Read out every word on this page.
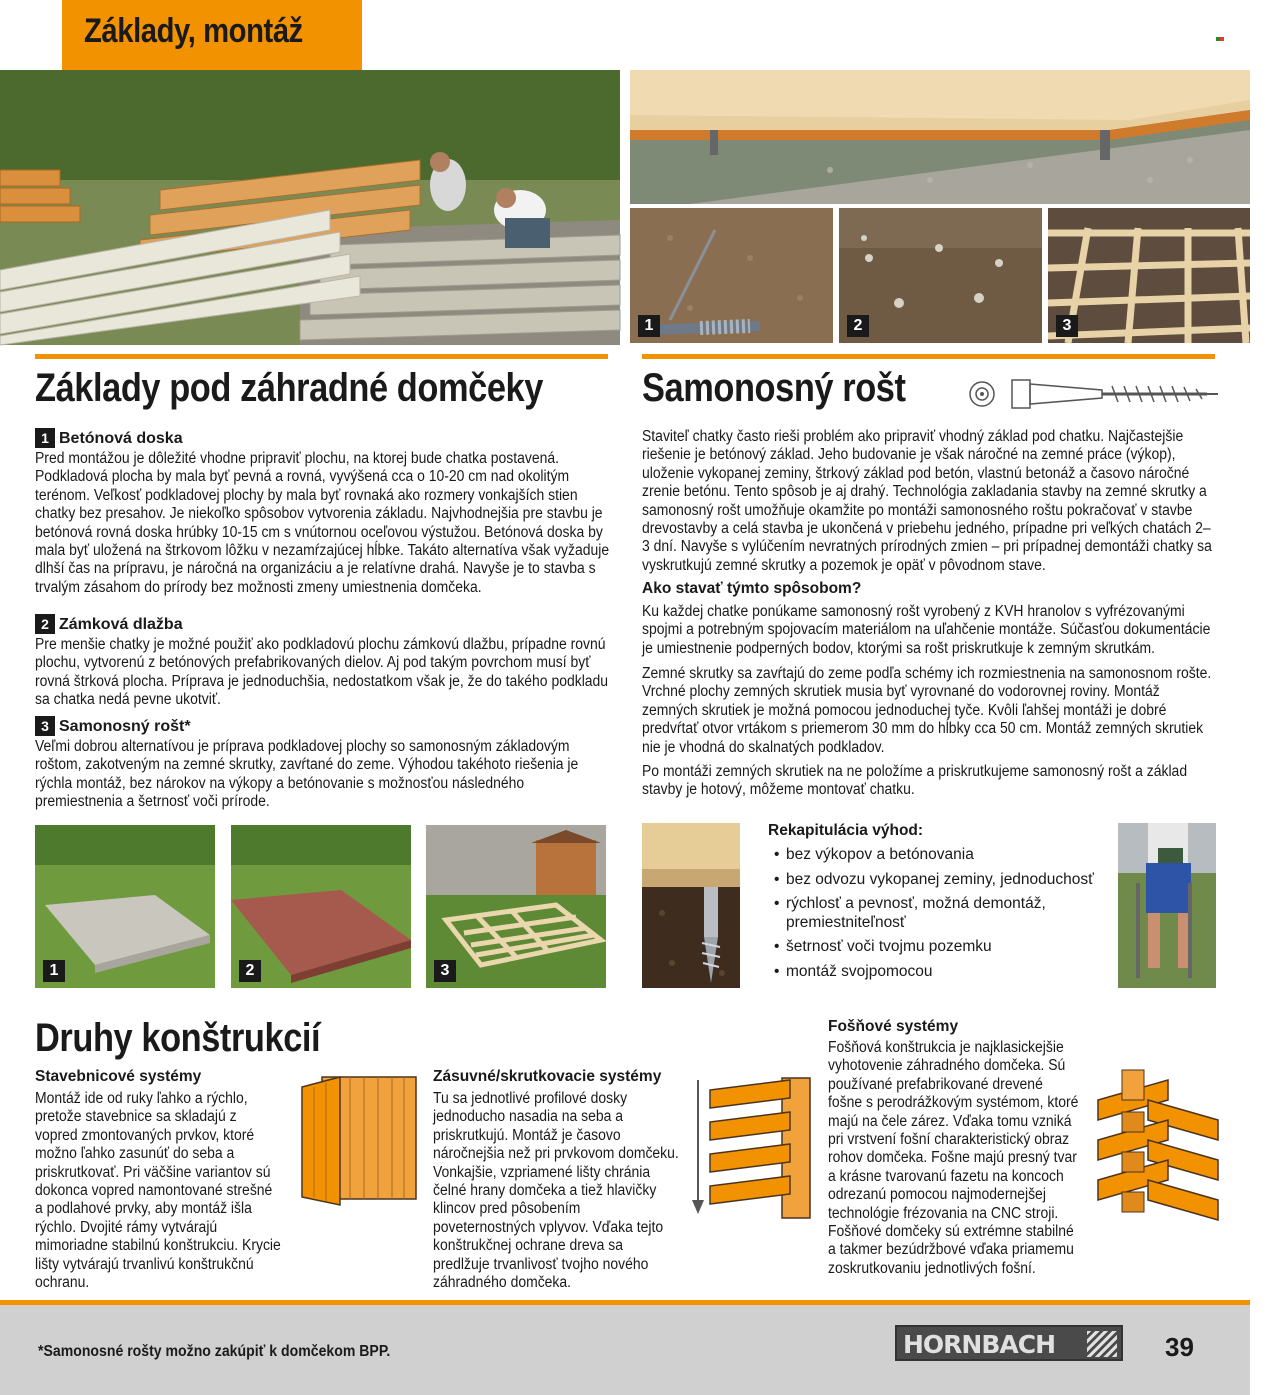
Základy, montáž
1	2	3
Základy pod záhradné domčeky
1 Betónová doska
Pred montážou je dôležité vhodne pripraviť plochu, na ktorej bude chatka postavená. Podkladová plocha by mala byť pevná a rovná, vyvýšená cca o 10-20 cm nad okolitým terénom. Veľkosť podkladovej plochy by mala byť rovnaká ako rozmery vonkajších stien chatky bez presahov. Je niekoľko spôsobov vytvorenia základu. Najvhodnejšia pre stavbu je betónová rovná doska hrúbky 10-15 cm s vnútornou oceľovou výstužou. Betónová doska by mala byť uložená na štrkovom lôžku v nezamŕzajúcej hĺbke. Takáto alternatíva však vyžaduje dlhší čas na prípravu, je náročná na organizáciu a je relatívne drahá. Navyše je to stavba s trvalým zásahom do prírody bez možnosti zmeny umiestnenia domčeka.
2 Zámková dlažba
Pre menšie chatky je možné použiť ako podkladovú plochu zámkovú dlažbu, prípadne rovnú plochu, vytvorenú z betónových prefabrikovaných dielov. Aj pod takým povrchom musí byť rovná štrková plocha. Príprava je jednoduchšia, nedostatkom však je, že do takého podkladu sa chatka nedá pevne ukotviť.
3 Samonosný rošt*
Veľmi dobrou alternatívou je príprava podkladovej plochy so samonosným základovým roštom, zakotveným na zemné skrutky, zavŕtané do zeme. Výhodou takéhoto riešenia je rýchla montáž, bez nárokov na výkopy a betónovanie s možnosťou následného premiestnenia a šetrnosť voči prírode.
1	2	3
Samonosný rošt
Staviteľ chatky často rieši problém ako pripraviť vhodný základ pod chatku. Najčastejšie riešenie je betónový základ. Jeho budovanie je však náročné na zemné práce (výkop), uloženie vykopanej zeminy, štrkový základ pod betón, vlastnú betonáž a časovo náročné zrenie betónu. Tento spôsob je aj drahý. Technológia zakladania stavby na zemné skrutky a samonosný rošt umožňuje okamžite po montáži samonosného roštu pokračovať v stavbe drevostavby a celá stavba je ukončená v priebehu jedného, prípadne pri veľkých chatách 2–3 dní. Navyše s vylúčením nevratných prírodných zmien – pri prípadnej demontáži chatky sa vyskrutkujú zemné skrutky a pozemok je opäť v pôvodnom stave.
Ako stavať týmto spôsobom?
Ku každej chatke ponúkame samonosný rošt vyrobený z KVH hranolov s vyfrézovanými spojmi a potrebným spojovacím materiálom na uľahčenie montáže. Súčasťou dokumentácie je umiestnenie podperných bodov, ktorými sa rošt priskrutkuje k zemným skrutkám.
Zemné skrutky sa zavŕtajú do zeme podľa schémy ich rozmiestnenia na samonosnom rošte. Vrchné plochy zemných skrutiek musia byť vyrovnané do vodorovnej roviny. Montáž zemných skrutiek je možná pomocou jednoduchej tyče. Kvôli ľahšej montáži je dobré predvŕtať otvor vrtákom s priemerom 30 mm do hĺbky cca 50 cm. Montáž zemných skrutiek nie je vhodná do skalnatých podkladov.
Po montáži zemných skrutiek na ne položíme a priskrutkujeme samonosný rošt a základ stavby je hotový, môžeme montovať chatku.
Rekapitulácia výhod:
• bez výkopov a betónovania
• bez odvozu vykopanej zeminy, jednoduchosť
• rýchlosť a pevnosť, možná demontáž, premiestniteľnosť
• šetrnosť voči tvojmu pozemku
• montáž svojpomocou
Druhy konštrukcií
Stavebnicové systémy
Montáž ide od ruky ľahko a rýchlo, pretože stavebnice sa skladajú z vopred zmontovaných prvkov, ktoré možno ľahko zasunúť do seba a priskrutkovať. Pri väčšine variantov sú dokonca vopred namontované strešné a podlahové prvky, aby montáž išla rýchlo. Dvojité rámy vytvárajú mimoriadne stabilnú konštrukciu. Krycie lišty vytvárajú trvanlivú konštrukčnú ochranu.
Zásuvné/skrutkovacie systémy
Tu sa jednotlivé profilové dosky jednoducho nasadia na seba a priskrutkujú. Montáž je časovo náročnejšia než pri prvkovom domčeku. Vonkajšie, vzpriamené lišty chránia čelné hrany domčeka a tiež hlavičky klincov pred pôsobením poveternostných vplyvov. Vďaka tejto konštrukčnej ochrane dreva sa predlžuje trvanlivosť tvojho nového záhradného domčeka.
Fošňové systémy
Fošňová konštrukcia je najklasickejšie vyhotovenie záhradného domčeka. Sú používané prefabrikované drevené fošne s perodrážkovým systémom, ktoré majú na čele zárez. Vďaka tomu vzniká pri vrstvení fošní charakteristický obraz rohov domčeka. Fošne majú presný tvar a krásne tvarovanú fazetu na koncoch odrezanú pomocou najmodernejšej technológie frézovania na CNC stroji. Fošňové domčeky sú extrémne stabilné a takmer bezúdržbové vďaka priamemu zoskrutkovaniu jednotlivých fošní.
*Samonosné rošty možno zakúpiť k domčekom BPP.	HORNBACH	39
